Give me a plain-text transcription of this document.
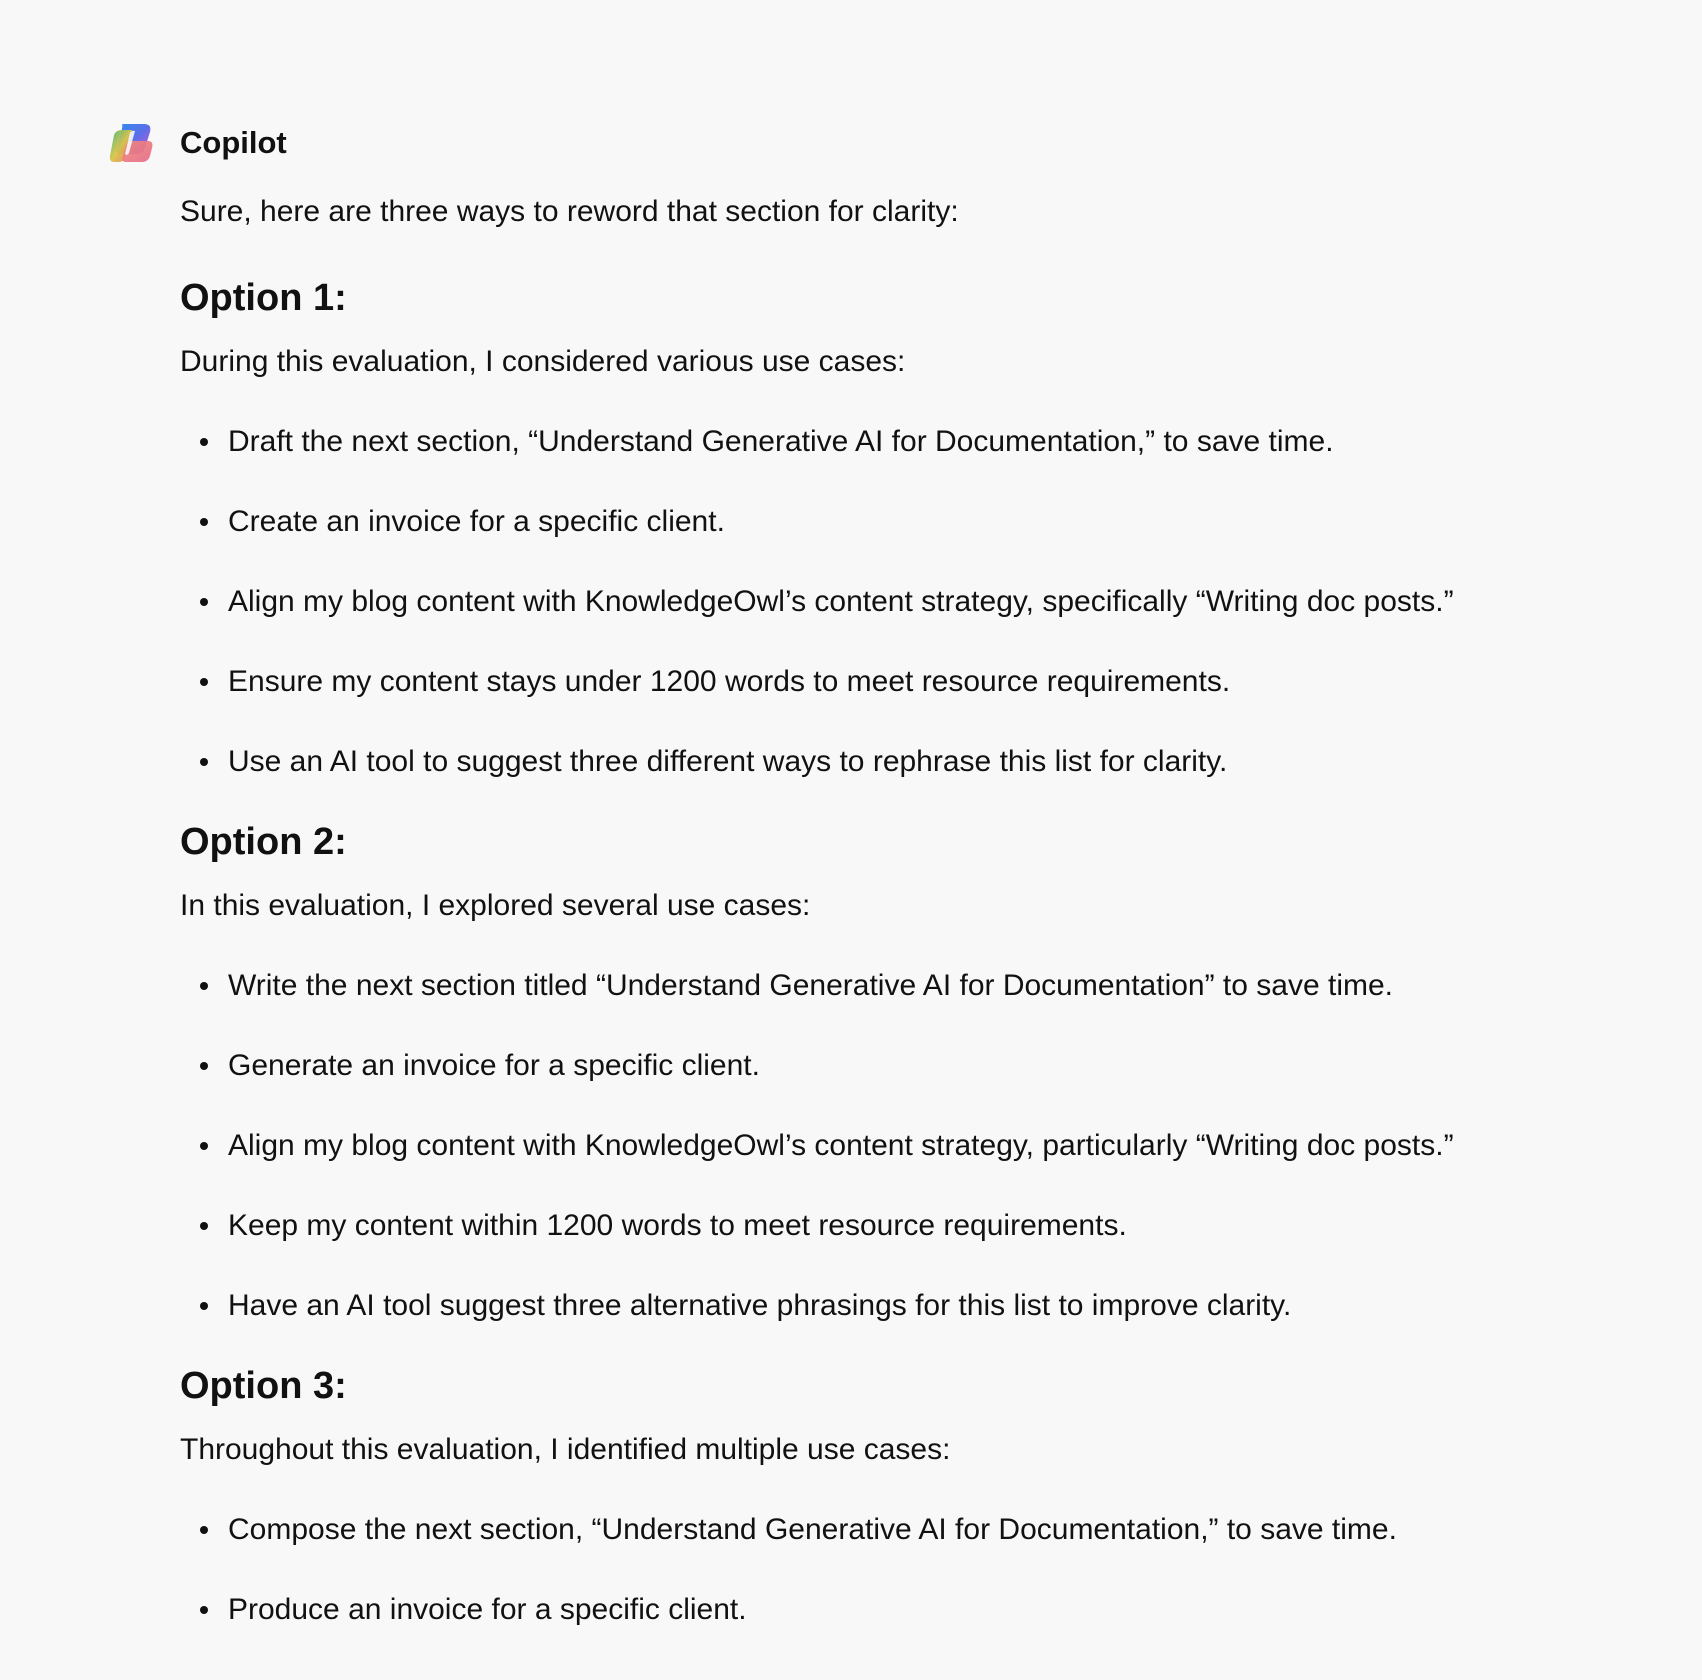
Copilot

Sure, here are three ways to reword that section for clarity:

Option 1:

During this evaluation, I considered various use cases:

Draft the next section, “Understand Generative AI for Documentation,” to save time.
Create an invoice for a specific client.
Align my blog content with KnowledgeOwl’s content strategy, specifically “Writing doc posts.”
Ensure my content stays under 1200 words to meet resource requirements.
Use an AI tool to suggest three different ways to rephrase this list for clarity.
Option 2:

In this evaluation, I explored several use cases:

Write the next section titled “Understand Generative AI for Documentation” to save time.
Generate an invoice for a specific client.
Align my blog content with KnowledgeOwl’s content strategy, particularly “Writing doc posts.”
Keep my content within 1200 words to meet resource requirements.
Have an AI tool suggest three alternative phrasings for this list to improve clarity.
Option 3:

Throughout this evaluation, I identified multiple use cases:

Compose the next section, “Understand Generative AI for Documentation,” to save time.
Produce an invoice for a specific client.
